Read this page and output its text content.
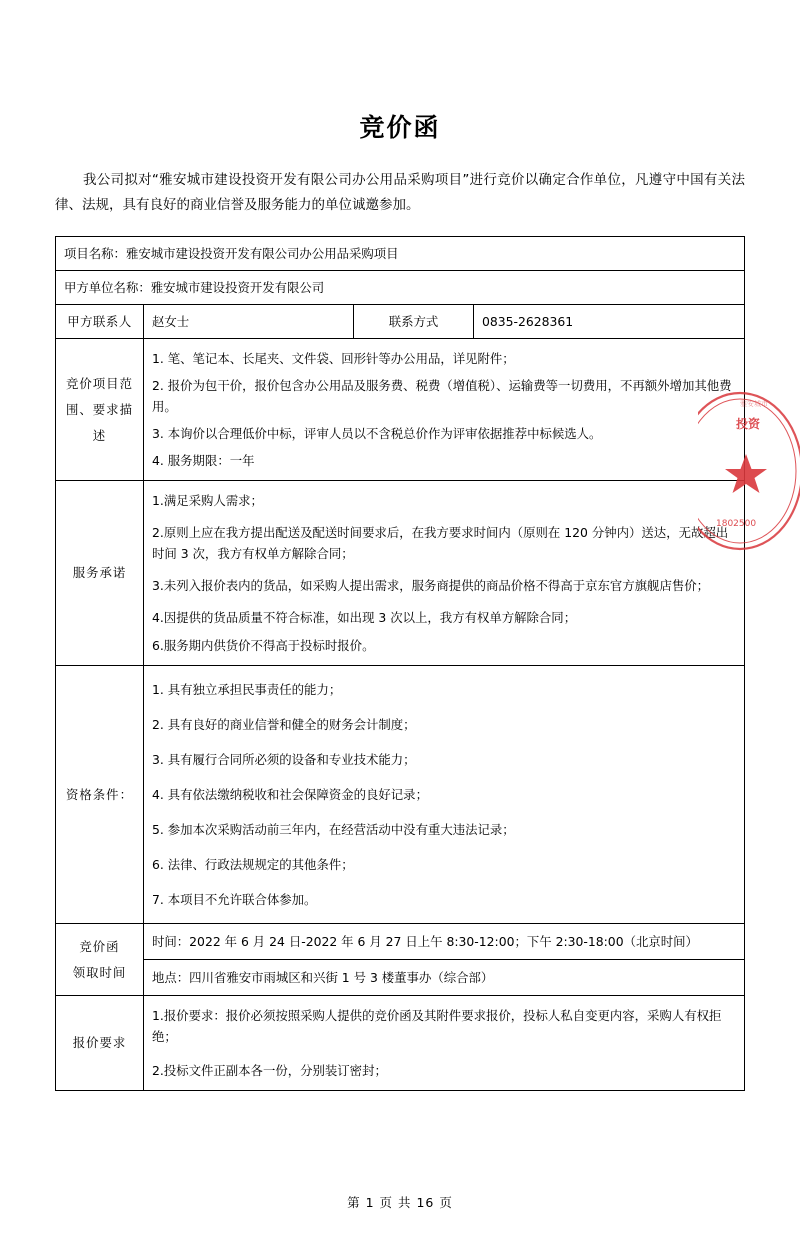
竞价函
我公司拟对“雅安城市建设投资开发有限公司办公用品采购项目”进行竞价以确定合作单位，凡遵守中国有关法律、法规，具有良好的商业信誉及服务能力的单位诚邀参加。
项目名称：雅安城市建设投资开发有限公司办公用品采购项目			
甲方单位名称：雅安城市建设投资开发有限公司			
甲方联系人	赵女士	联系方式	0835-2628361
竞价项目范围、要求描述	1. 笔、笔记本、长尾夹、文件袋、回形针等办公用品，详见附件；
2. 报价为包干价，报价包含办公用品及服务费、税费（增值税）、运输费等一切费用，不再额外增加其他费用。
3. 本询价以合理低价中标，评审人员以不含税总价作为评审依据推荐中标候选人。
4. 服务期限：一年		

服务承诺	1.满足采购人需求；
2.原则上应在我方提出配送及配送时间要求后，在我方要求时间内（原则在 120 分钟内）送达，无故超出时间 3 次，我方有权单方解除合同；
3.未列入报价表内的货品，如采购人提出需求，服务商提供的商品价格不得高于京东官方旗舰店售价；
4.因提供的货品质量不符合标准，如出现 3 次以上，我方有权单方解除合同；
6.服务期内供货价不得高于投标时报价。		

资格条件：	
1. 具有独立承担民事责任的能力；
2. 具有良好的商业信誉和健全的财务会计制度；
3. 具有履行合同所必须的设备和专业技术能力；
4. 具有依法缴纳税收和社会保障资金的良好记录；
5. 参加本次采购活动前三年内，在经营活动中没有重大违法记录；
6. 法律、行政法规规定的其他条件；
7. 本项目不允许联合体参加。

竞价函
领取时间

时间：2022 年 6 月 24 日-2022 年 6 月 27 日上午 8:30-12:00；下午 2:30-18:00（北京时间）
地点：四川省雅安市雨城区和兴街 1 号 3 楼董事办（综合部）

报价要求	1.报价要求：报价必须按照采购人提供的竞价函及其附件要求报价，投标人私自变更内容，采购人有权拒绝；
2.投标文件正副本各一份，分别装订密封；		
投资
1802500
雅安城市
第 1 页 共 16 页
